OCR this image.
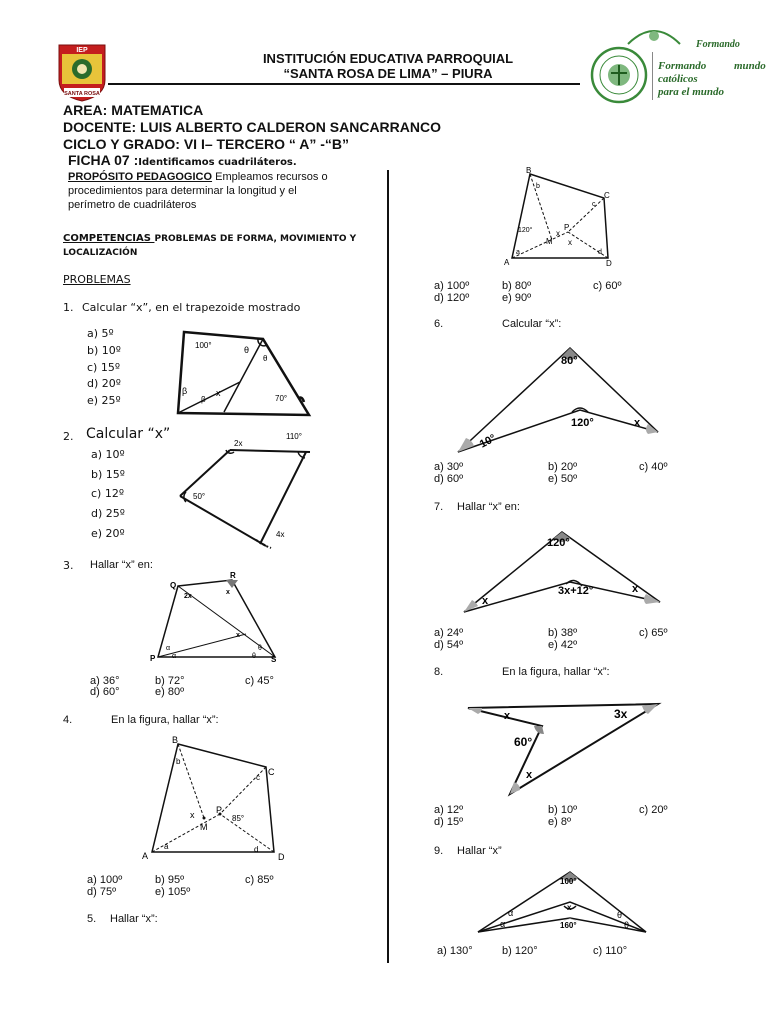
IEP
SANTA ROSA
INSTITUCIÓN EDUCATIVA PARROQUIAL
“SANTA ROSA DE LIMA” – PIURA
Formando
Formando	mundo
católicos
para el mundo
AREA: MATEMATICA
DOCENTE: LUIS ALBERTO CALDERON SANCARRANCO
CICLO Y GRADO: VI I– TERCERO “ A” -“B”
FICHA 07 :Identificamos cuadriláteros.
PROPÓSITO PEDAGOGICO Empleamos recursos o
procedimientos para determinar la longitud y el
perímetro de cuadriláteros
COMPETENCIAS PROBLEMAS DE FORMA, MOVIMIENTO Y
LOCALIZACIÓN
PROBLEMAS
1. Calcular “x”, en el trapezoide mostrado
a) 5º
b) 10º
c) 15º
d) 20º
e) 25º
100°	θ
θ
β
β
x
70°
2. Calcular “x”
a) 10º
b) 15º
c) 12º
d) 25º
e) 20º
2x
110°
50°
4x
3. Hallar “x” en:
Q
R
P	S
2x
x
x
α
α
θ
θ
a) 36°	b) 72°	c) 45°
d) 60°	e) 80º
4.	En la figura, hallar “x”:
A
B
C
D
M
P
x	85°
a
b
c
d
a) 100º	b) 95º	c) 85º
d) 75º	e) 105º
5. Hallar “x”:
A
B
C
D
M
P
x
x
120°
a
b
c
d
a) 100º	b) 80º	c) 60º
d) 120º	e) 90º
6.	Calcular “x”:
80°
120°
10°
x
a) 30º	b) 20º	c) 40º
d) 60º	e) 50º
7. Hallar “x” en:
120°
3x+12°
x
x
a) 24º	b) 38º	c) 65º
d) 54º	e) 42º
8.	En la figura, hallar “x”:
x	3x
60°
x
a) 12º	b) 10º	c) 20º
d) 15º	e) 8º
9. Hallar “x”
100°
x
160°
α
α
θ
θ
a) 130°	b) 120°	c) 110°
